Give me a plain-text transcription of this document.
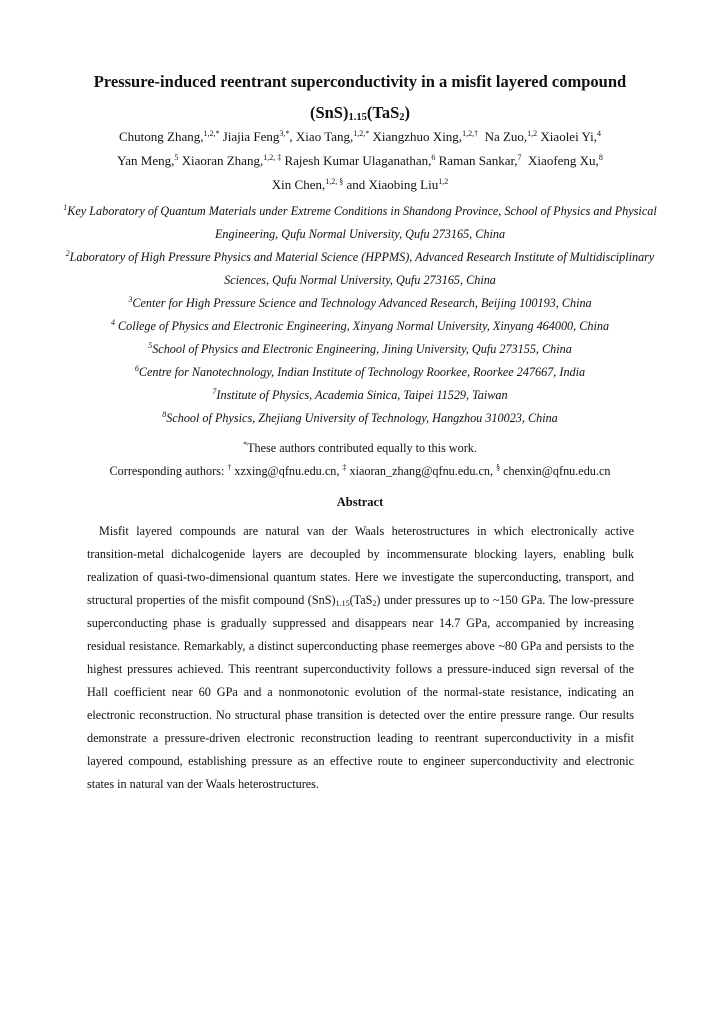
Pressure-induced reentrant superconductivity in a misfit layered compound
$(SnS)_{1.15}(TaS_2)$
Chutong Zhang,$^{1,2,*}$ Jiajia Feng$^{3,*}$, Xiao Tang,$^{1,2,*}$ Xiangzhuo Xing,$^{1,2,\dagger}$ Na Zuo,$^{1,2}$ Xiaolei Yi,$^4$
Yan Meng,$^5$ Xiaoran Zhang,$^{1,2, \ddagger}$ Rajesh Kumar Ulaganathan,$^6$ Raman Sankar,$^7$ Xiaofeng Xu,$^8$
Xin Chen,$^{1,2, \S}$ and Xiaobing Liu$^{1,2}$
$^1$Key Laboratory of Quantum Materials under Extreme Conditions in Shandong Province, School of Physics and Physical Engineering, Qufu Normal University, Qufu 273165, China
$^2$Laboratory of High Pressure Physics and Material Science (HPPMS), Advanced Research Institute of Multidisciplinary Sciences, Qufu Normal University, Qufu 273165, China
$^3$Center for High Pressure Science and Technology Advanced Research, Beijing 100193, China
$^4$ College of Physics and Electronic Engineering, Xinyang Normal University, Xinyang 464000, China
$^5$School of Physics and Electronic Engineering, Jining University, Qufu 273155, China
$^6$Centre for Nanotechnology, Indian Institute of Technology Roorkee, Roorkee 247667, India
$^7$Institute of Physics, Academia Sinica, Taipei 11529, Taiwan
$^8$School of Physics, Zhejiang University of Technology, Hangzhou 310023, China
*These authors contributed equally to this work.
Corresponding authors: † xzxing@qfnu.edu.cn, ‡ xiaoran_zhang@qfnu.edu.cn, § chenxin@qfnu.edu.cn
Abstract

Misfit layered compounds are natural van der Waals heterostructures in which electronically active transition-metal dichalcogenide layers are decoupled by incommensurate blocking layers, enabling bulk realization of quasi-two-dimensional quantum states. Here we investigate the superconducting, transport, and structural properties of the misfit compound $(SnS)_{1.15}(TaS_2)$ under pressures up to ~150 GPa. The low-pressure superconducting phase is gradually suppressed and disappears near 14.7 GPa, accompanied by increasing residual resistance. Remarkably, a distinct superconducting phase reemerges above ~80 GPa and persists to the highest pressures achieved. This reentrant superconductivity follows a pressure-induced sign reversal of the Hall coefficient near 60 GPa and a nonmonotonic evolution of the normal-state resistance, indicating an electronic reconstruction. No structural phase transition is detected over the entire pressure range. Our results demonstrate a pressure-driven electronic reconstruction leading to reentrant superconductivity in a misfit layered compound, establishing pressure as an effective route to engineer superconductivity and electronic states in natural van der Waals heterostructures.
